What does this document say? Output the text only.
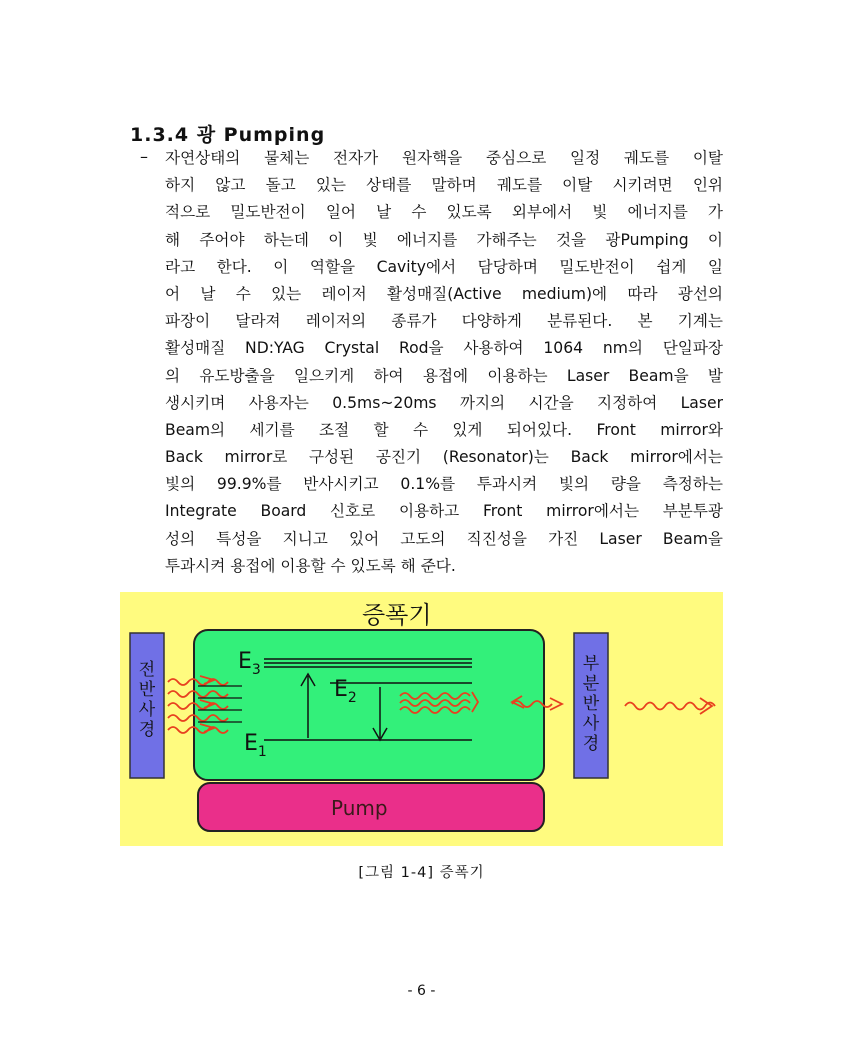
1.3.4 광 Pumping
– 자연상태의 물체는 전자가 원자핵을 중심으로 일정 궤도를 이탈
하지 않고 돌고 있는 상태를 말하며 궤도를 이탈 시키려면 인위
적으로 밀도반전이 일어 날 수 있도록 외부에서 빛 에너지를 가
해 주어야 하는데 이 빛 에너지를 가해주는 것을 광Pumping 이
라고 한다. 이 역할을 Cavity에서 담당하며 밀도반전이 쉽게 일
어 날 수 있는 레이저 활성매질(Active medium)에 따라 광선의
파장이 달라져 레이저의 종류가 다양하게 분류된다. 본 기계는
활성매질 ND:YAG Crystal Rod을 사용하여 1064 nm의 단일파장
의 유도방출을 일으키게 하여 용접에 이용하는 Laser Beam을 발
생시키며 사용자는 0.5ms~20ms 까지의 시간을 지정하여 Laser
Beam의 세기를 조절 할 수 있게 되어있다. Front mirror와
Back mirror로 구성된 공진기 (Resonator)는 Back mirror에서는
빛의 99.9%를 반사시키고 0.1%를 투과시켜 빛의 량을 측정하는
Integrate Board 신호로 이용하고 Front mirror에서는 부분투광
성의 특성을 지니고 있어 고도의 직진성을 가진 Laser Beam을
투과시켜 용접에 이용할 수 있도록 해 준다.
증폭기
Pump
전 반 사 경
부 분 반 사 경
$E_3$
$E_2$
$E_1$
[그림 1-4] 증폭기
- 6 -
